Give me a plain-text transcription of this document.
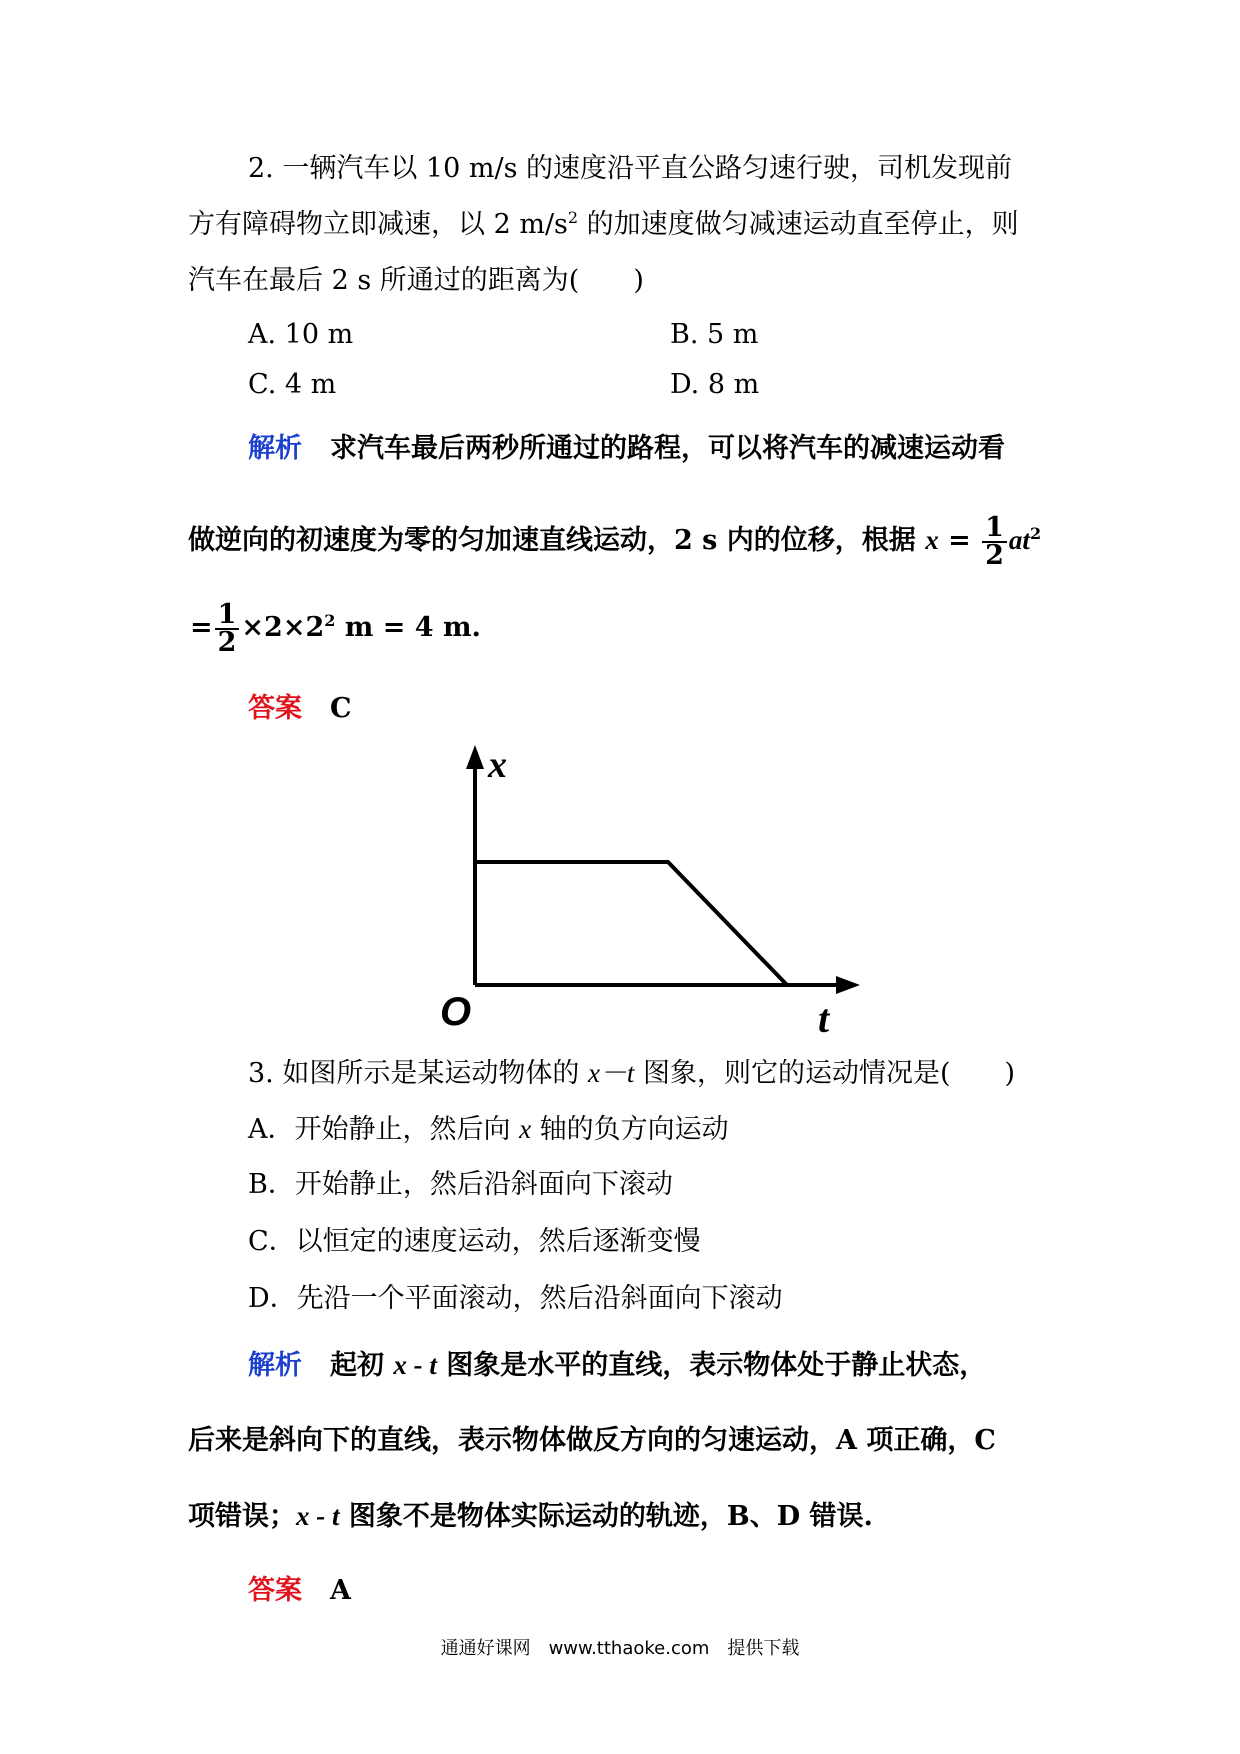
2. 一辆汽车以 10 m/s 的速度沿平直公路匀速行驶，司机发现前
方有障碍物立即减速，以 2 $m/s^2$ 的加速度做匀减速运动直至停止，则
汽车在最后 2 s 所通过的距离为(　　)
A. 10 m	B. 5 m
C. 4 m	D. 8 m
解析 求汽车最后两秒所通过的路程，可以将汽车的减速运动看
做逆向的初速度为零的匀加速直线运动，2 s 内的位移，根据 $x = \frac{1}{2} at^2$
= $\frac{1}{2} \times 2\times 2^2$ m = 4 m.
答案 C
x
t
O
3. 如图所示是某运动物体的 x－t 图象，则它的运动情况是(　　)
A．开始静止，然后向 x 轴的负方向运动
B．开始静止，然后沿斜面向下滚动
C．以恒定的速度运动，然后逐渐变慢
D．先沿一个平面滚动，然后沿斜面向下滚动
解析 起初 x - t 图象是水平的直线，表示物体处于静止状态，
后来是斜向下的直线，表示物体做反方向的匀速运动，A 项正确，C
项错误；x - t 图象不是物体实际运动的轨迹，B、D 错误.
答案 A
通通好课网　www.tthaoke.com　提供下载
